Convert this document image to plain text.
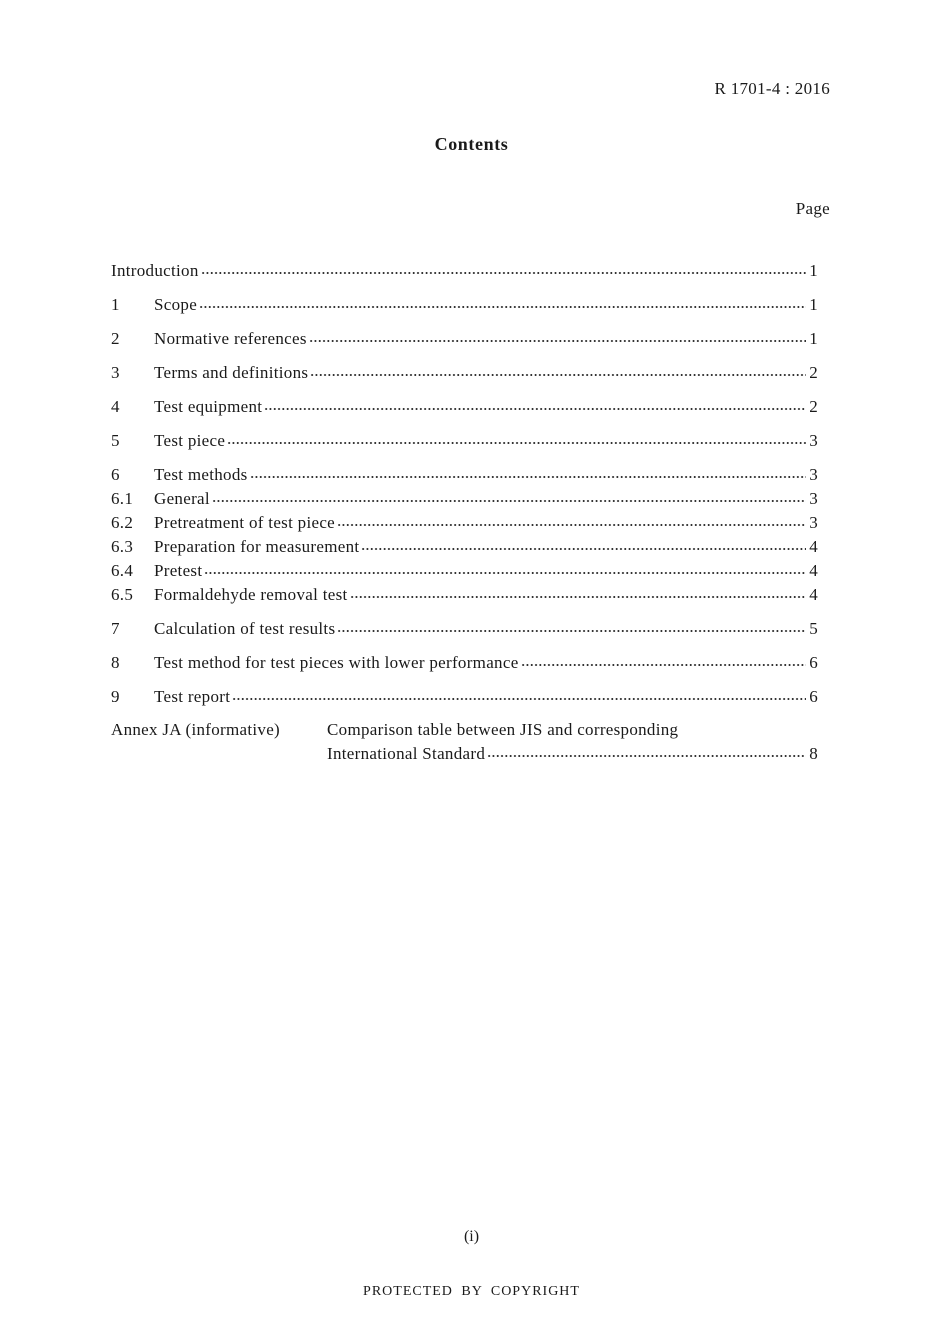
R 1701-4 : 2016
Contents
Page
Introduction	1
1	Scope	1
2	Normative references	1
3	Terms and definitions	2
4	Test equipment	2
5	Test piece	3
6	Test methods	3
6.1	General	3
6.2	Pretreatment of test piece	3
6.3	Preparation for measurement	4
6.4	Pretest	4
6.5	Formaldehyde removal test	4
7	Calculation of test results	5
8	Test method for test pieces with lower performance	6
9	Test report	6
Annex JA (informative)	Comparison table between JIS and corresponding
International Standard	8
(i)
PROTECTED BY COPYRIGHT
